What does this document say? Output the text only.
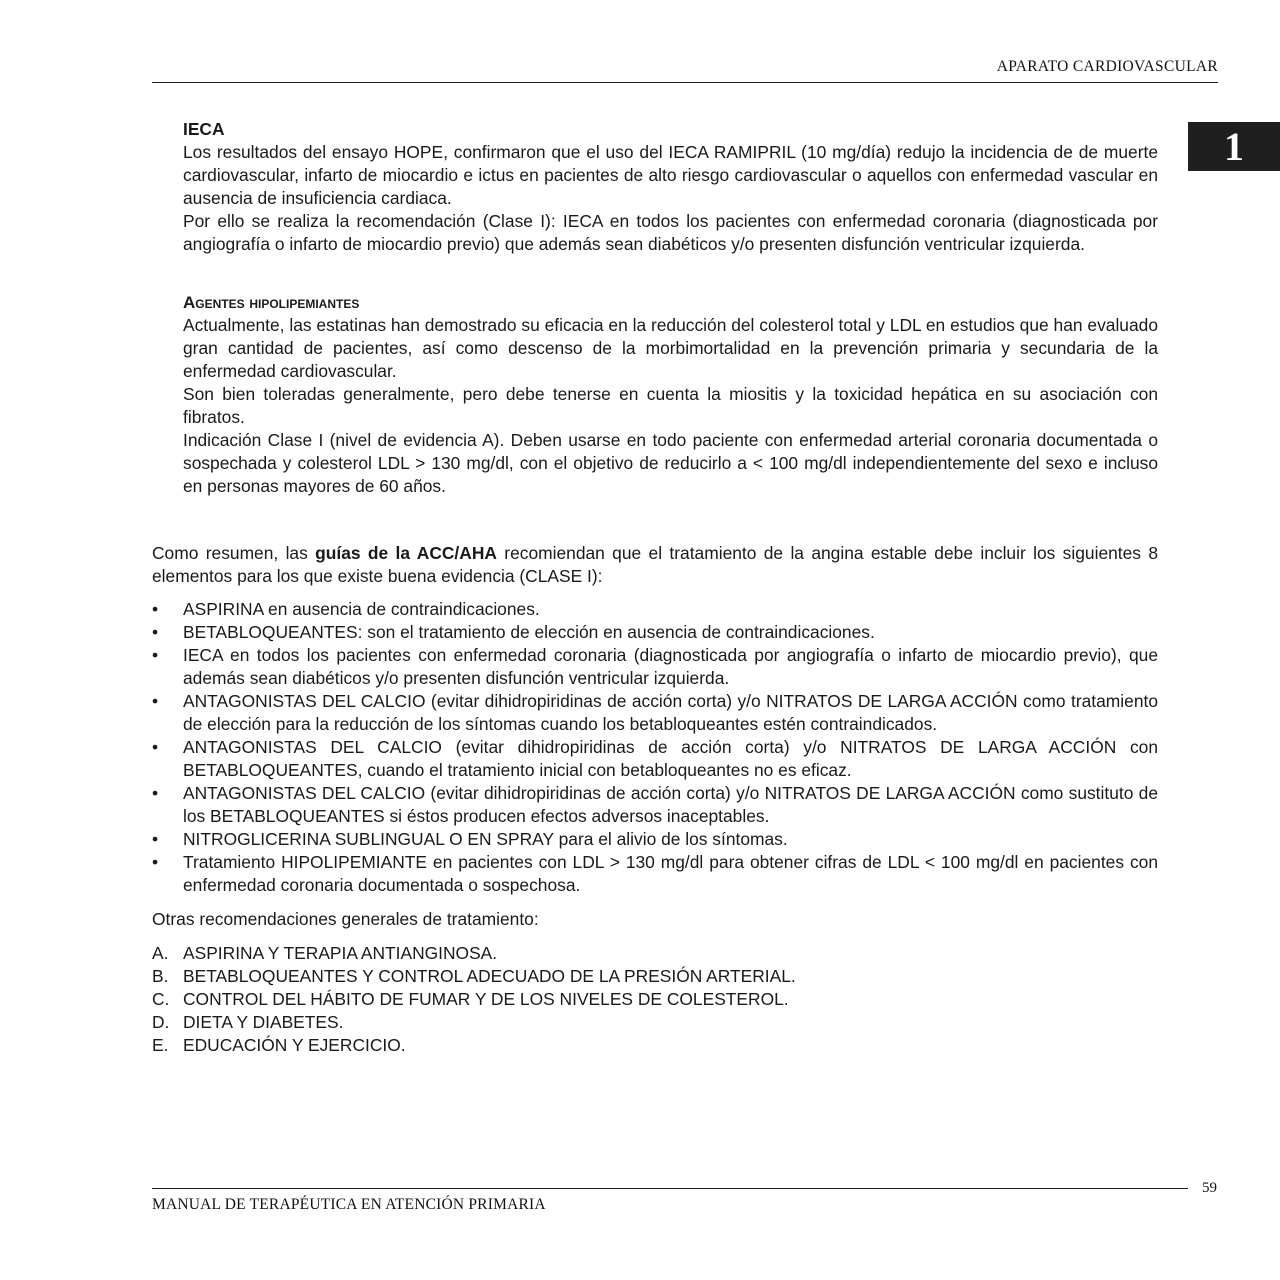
APARATO CARDIOVASCULAR
1
IECA
Los resultados del ensayo HOPE, confirmaron que el uso del IECA RAMIPRIL (10 mg/día) redujo la incidencia de de muerte cardiovascular, infarto de miocardio e ictus en pacientes de alto riesgo cardiovascular o aquellos con enfermedad vascular en ausencia de insuficiencia cardiaca.
Por ello se realiza la recomendación (Clase I): IECA en todos los pacientes con enfermedad coronaria (diagnosticada por angiografía o infarto de miocardio previo) que además sean diabéticos y/o presenten disfunción ventricular izquierda.
Agentes hipolipemiantes
Actualmente, las estatinas han demostrado su eficacia en la reducción del colesterol total y LDL en estudios que han evaluado gran cantidad de pacientes, así como descenso de la morbimortalidad en la prevención primaria y secundaria de la enfermedad cardiovascular.
Son bien toleradas generalmente, pero debe tenerse en cuenta la miositis y la toxicidad hepática en su asociación con fibratos.
Indicación Clase I (nivel de evidencia A). Deben usarse en todo paciente con enfermedad arterial coronaria documentada o sospechada y colesterol LDL > 130 mg/dl, con el objetivo de reducirlo a < 100 mg/dl independientemente del sexo e incluso en personas mayores de 60 años.
Como resumen, las guías de la ACC/AHA recomiendan que el tratamiento de la angina estable debe incluir los siguientes 8 elementos para los que existe buena evidencia (CLASE I):
• ASPIRINA en ausencia de contraindicaciones.
• BETABLOQUEANTES: son el tratamiento de elección en ausencia de contraindicaciones.
• IECA en todos los pacientes con enfermedad coronaria (diagnosticada por angiografía o infarto de miocardio previo), que además sean diabéticos y/o presenten disfunción ventricular izquierda.
• ANTAGONISTAS DEL CALCIO (evitar dihidropiridinas de acción corta) y/o NITRATOS DE LARGA ACCIÓN como tratamiento de elección para la reducción de los síntomas cuando los betabloqueantes estén contraindicados.
• ANTAGONISTAS DEL CALCIO (evitar dihidropiridinas de acción corta) y/o NITRATOS DE LARGA ACCIÓN con BETABLOQUEANTES, cuando el tratamiento inicial con betabloqueantes no es eficaz.
• ANTAGONISTAS DEL CALCIO (evitar dihidropiridinas de acción corta) y/o NITRATOS DE LARGA ACCIÓN como sustituto de los BETABLOQUEANTES si éstos producen efectos adversos inaceptables.
• NITROGLICERINA SUBLINGUAL O EN SPRAY para el alivio de los síntomas.
• Tratamiento HIPOLIPEMIANTE en pacientes con LDL > 130 mg/dl para obtener cifras de LDL < 100 mg/dl en pacientes con enfermedad coronaria documentada o sospechosa.
Otras recomendaciones generales de tratamiento:
A. ASPIRINA Y TERAPIA ANTIANGINOSA.
B. BETABLOQUEANTES Y CONTROL ADECUADO DE LA PRESIÓN ARTERIAL.
C. CONTROL DEL HÁBITO DE FUMAR Y DE LOS NIVELES DE COLESTEROL.
D. DIETA Y DIABETES.
E. EDUCACIÓN Y EJERCICIO.
59
MANUAL DE TERAPÉUTICA EN ATENCIÓN PRIMARIA
